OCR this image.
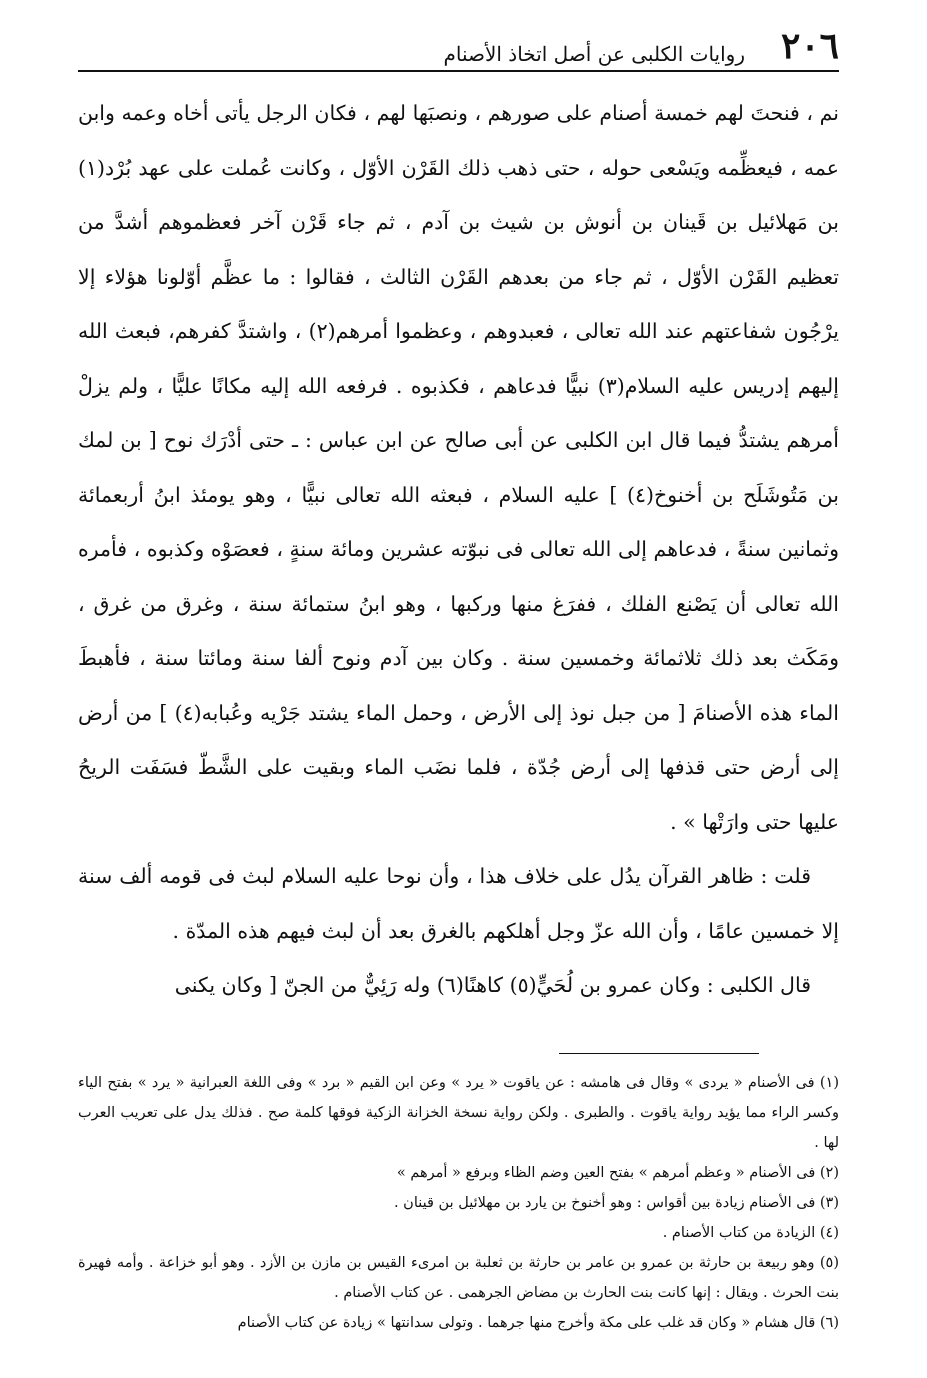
٢٠٦
روايات الكلبى عن أصل اتخاذ الأصنام

نم ، فنحتَ لهم خمسة أصنام على صورهم ، ونصبَها لهم ، فكان الرجل يأتى أخاه وعمه وابن عمه ، فيعظِّمه ويَسْعى حوله ، حتى ذهب ذلك القَرْن الأوّل ، وكانت عُملت على عهد بُرْد(١) بن مَهلائيل بن قَينان بن أنوش بن شيث بن آدم ، ثم جاء قَرْن آخر فعظموهم أشدَّ من تعظيم القَرْن الأوّل ، ثم جاء من بعدهم القَرْن الثالث ، فقالوا : ما عظَّم أوّلونا هؤلاء إلا يرْجُون شفاعتهم عند الله تعالى ، فعبدوهم ، وعظموا أمرهم(٢) ، واشتدَّ كفرهم، فبعث الله إليهم إدريس عليه السلام(٣) نبيًّا فدعاهم ، فكذبوه . فرفعه الله إليه مكانًا عليًّا ، ولم يزلْ أمرهم يشتدُّ فيما قال ابن الكلبى عن أبى صالح عن ابن عباس : ـ حتى أدْرَك نوح [ بن لمك بن مَتُوشَلَح بن أخنوخ(٤) ] عليه السلام ، فبعثه الله تعالى نبيًّا ، وهو يومئذ ابنُ أربعمائة وثمانين سنةً ، فدعاهم إلى الله تعالى فى نبوّته عشرين ومائة سنةٍ ، فعصَوْه وكذبوه ، فأمره الله تعالى أن يَصْنع الفلك ، ففرَغ منها وركبها ، وهو ابنُ ستمائة سنة ، وغرق من غرق ، ومَكَث بعد ذلك ثلاثمائة وخمسين سنة . وكان بين آدم ونوح ألفا سنة ومائتا سنة ، فأهبطَ الماء هذه الأصنامَ [ من جبل نوذ إلى الأرض ، وحمل الماء يشتد جَرْيه وعُبابه(٤) ] من أرض إلى أرض حتى قذفها إلى أرض جُدّة ، فلما نضَب الماء وبقيت على الشَّطّ فسَفَت الريحُ عليها حتى وارَتْها » .

قلت : ظاهر القرآن يدُل على خلاف هذا ، وأن نوحا عليه السلام لبث فى قومه ألف سنة إلا خمسين عامًا ، وأن الله عزّ وجل أهلكهم بالغرق بعد أن لبث فيهم هذه المدّة .

قال الكلبى : وكان عمرو بن لُحَيٍّ(٥) كاهنًا(٦) وله رَئِيٌّ من الجنّ [ وكان يكنى

(١) فى الأصنام « يردى » وقال فى هامشه : عن ياقوت « يرد » وعن ابن القيم « برد » وفى اللغة العبرانية « يرد » بفتح الياء وكسر الراء مما يؤيد رواية ياقوت . والطبرى . ولكن رواية نسخة الخزانة الزكية فوقها كلمة صح . فذلك يدل على تعريب العرب لها .

(٢) فى الأصنام « وعظم أمرهم » بفتح العين وضم الظاء وبرفع « أمرهم »

(٣) فى الأصنام زيادة بين أقواس : وهو أخنوخ بن يارد بن مهلائيل بن قينان .

(٤) الزيادة من كتاب الأصنام .

(٥) وهو ربيعة بن حارثة بن عمرو بن عامر بن حارثة بن ثعلبة بن امرىء القيس بن مازن بن الأزد . وهو أبو خزاعة . وأمه فهيرة بنت الحرث . ويقال : إنها كانت بنت الحارث بن مضاض الجرهمى . عن كتاب الأصنام .

(٦) قال هشام « وكان قد غلب على مكة وأخرج منها جرهما . وتولى سدانتها » زيادة عن كتاب الأصنام
